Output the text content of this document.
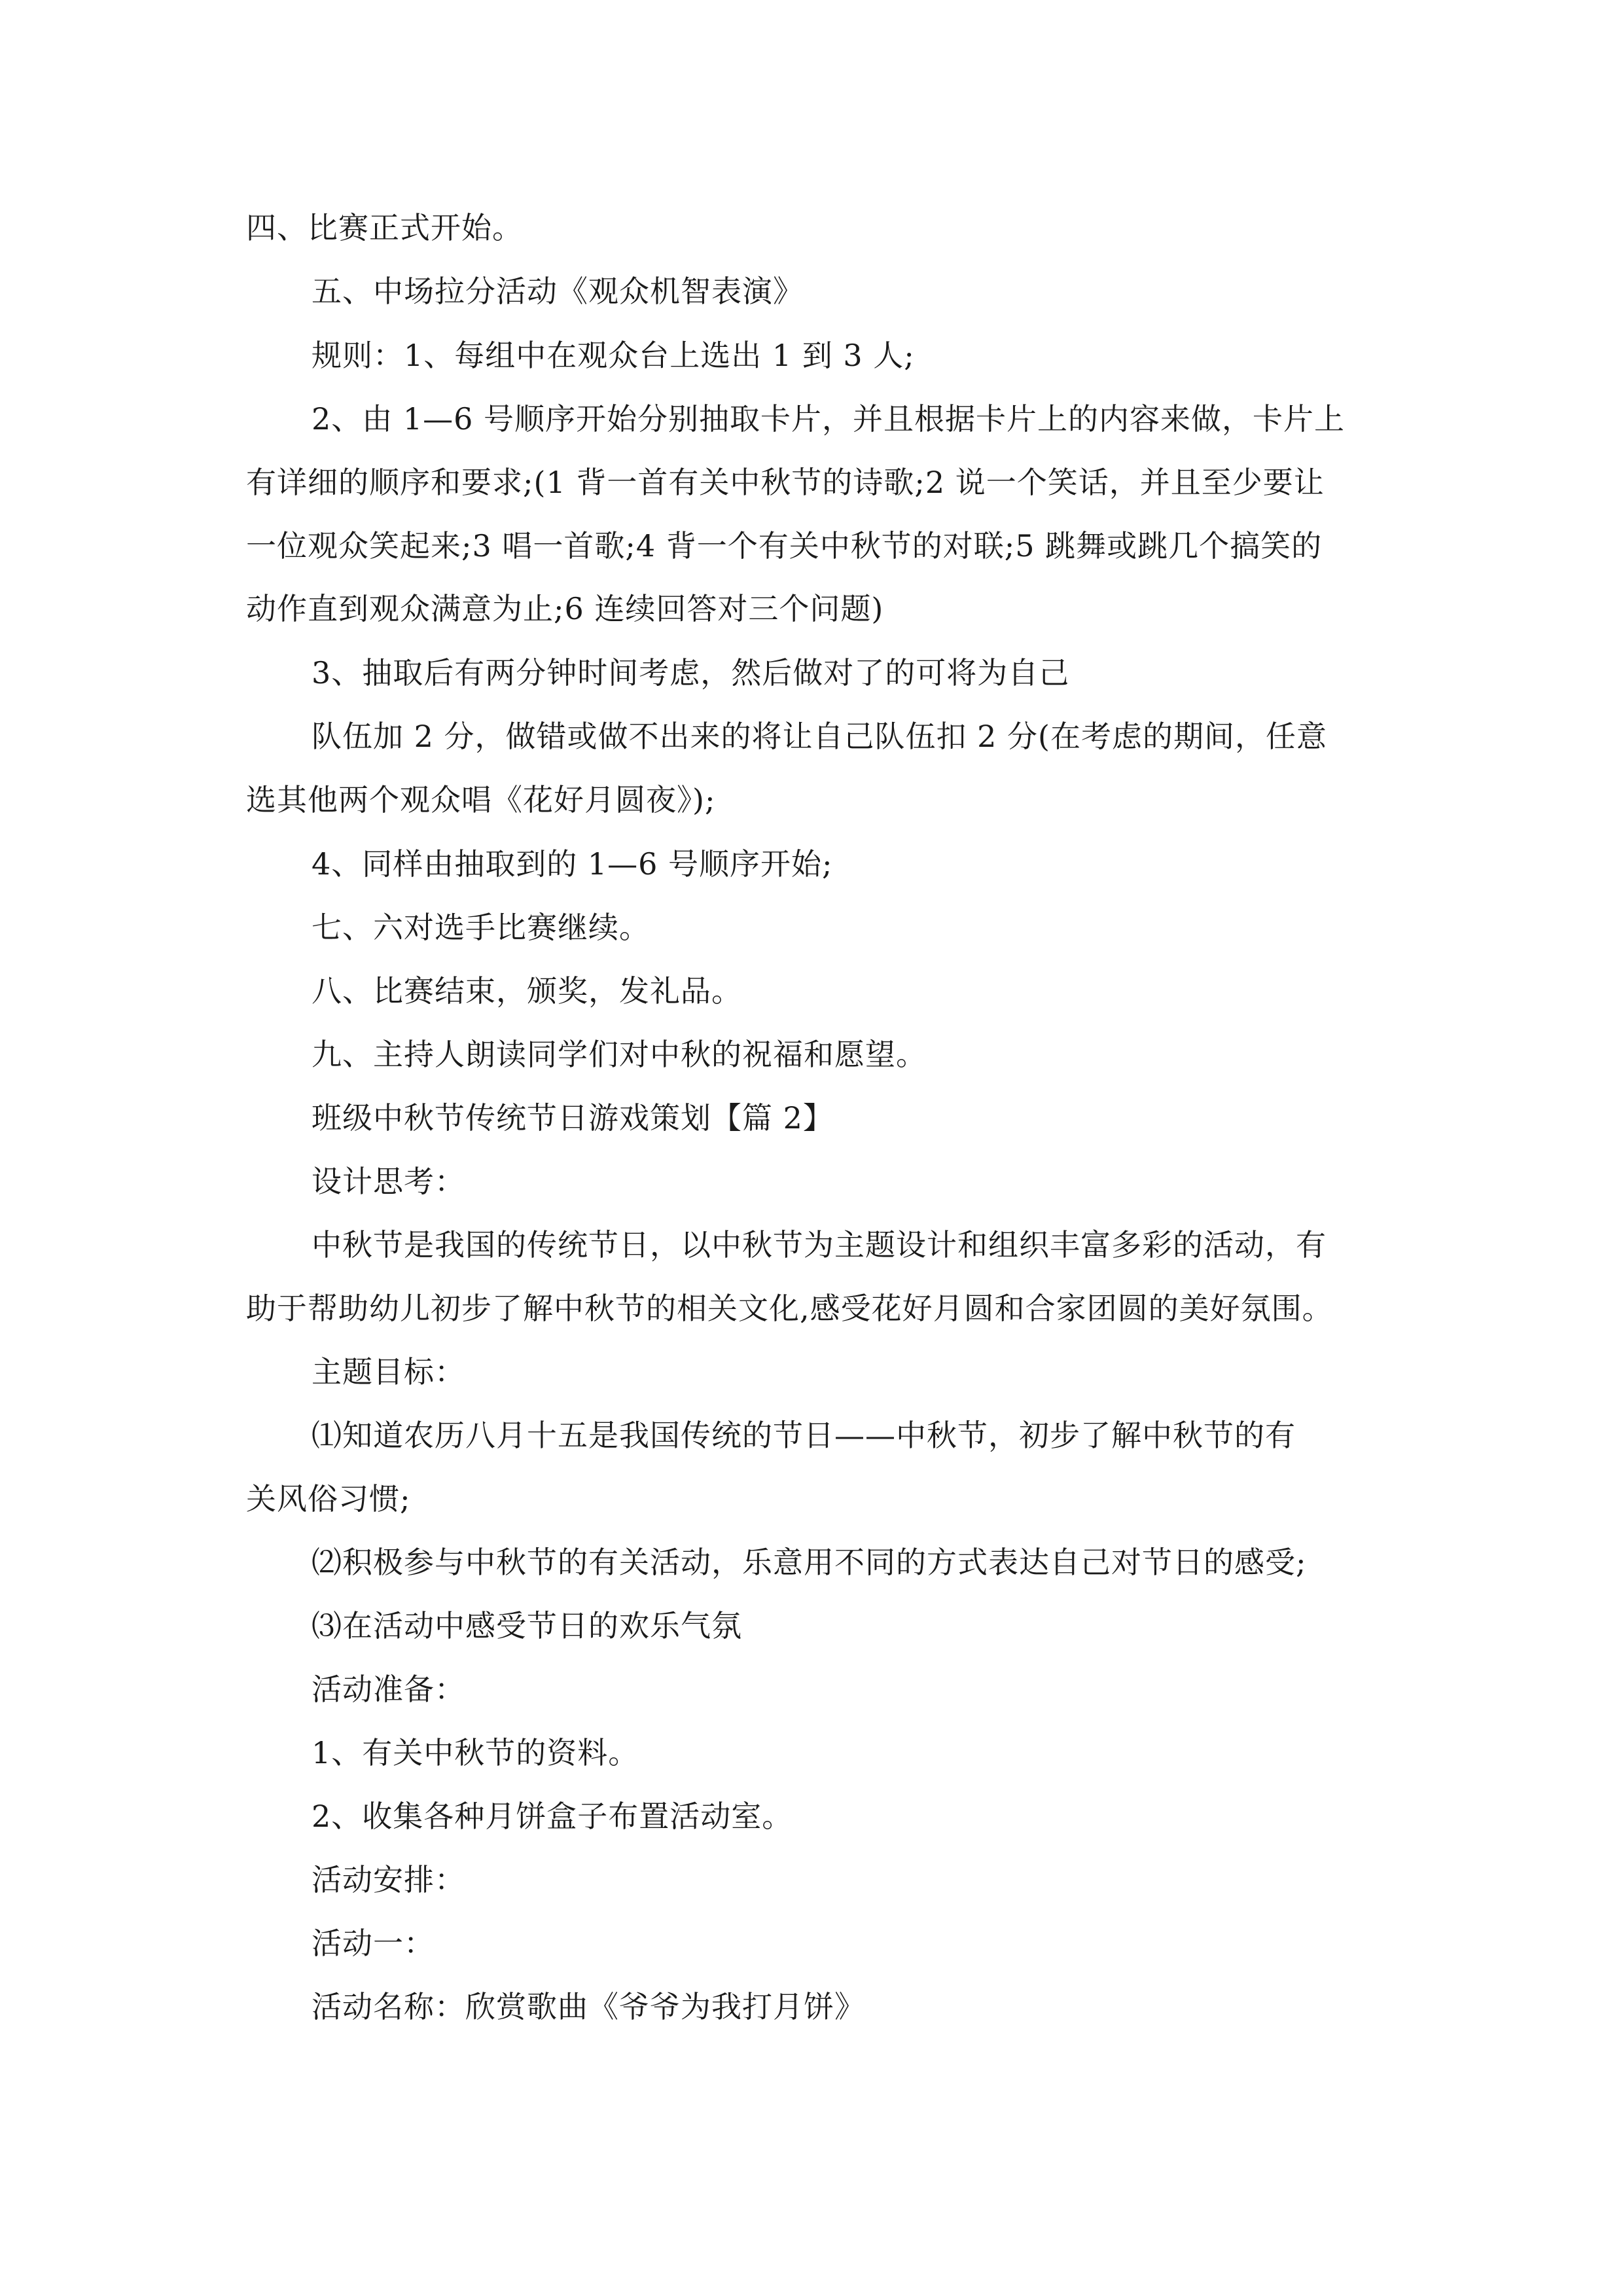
四、比赛正式开始。
五、中场拉分活动《观众机智表演》
规则：1、每组中在观众台上选出 1 到 3 人;
2、由 1—6 号顺序开始分别抽取卡片，并且根据卡片上的内容来做，卡片上
有详细的顺序和要求;(1 背一首有关中秋节的诗歌;2 说一个笑话，并且至少要让
一位观众笑起来;3 唱一首歌;4 背一个有关中秋节的对联;5 跳舞或跳几个搞笑的
动作直到观众满意为止;6 连续回答对三个问题)
3、抽取后有两分钟时间考虑，然后做对了的可将为自己
队伍加 2 分，做错或做不出来的将让自己队伍扣 2 分(在考虑的期间，任意
选其他两个观众唱《花好月圆夜》);
4、同样由抽取到的 1—6 号顺序开始;
七、六对选手比赛继续。
八、比赛结束，颁奖，发礼品。
九、主持人朗读同学们对中秋的祝福和愿望。
班级中秋节传统节日游戏策划【篇 2】
设计思考：
中秋节是我国的传统节日，以中秋节为主题设计和组织丰富多彩的活动，有
助于帮助幼儿初步了解中秋节的相关文化,感受花好月圆和合家团圆的美好氛围。
主题目标：
⑴知道农历八月十五是我国传统的节日——中秋节，初步了解中秋节的有
关风俗习惯;
⑵积极参与中秋节的有关活动，乐意用不同的方式表达自己对节日的感受;
⑶在活动中感受节日的欢乐气氛
活动准备：
1、有关中秋节的资料。
2、收集各种月饼盒子布置活动室。
活动安排：
活动一：
活动名称：欣赏歌曲《爷爷为我打月饼》
